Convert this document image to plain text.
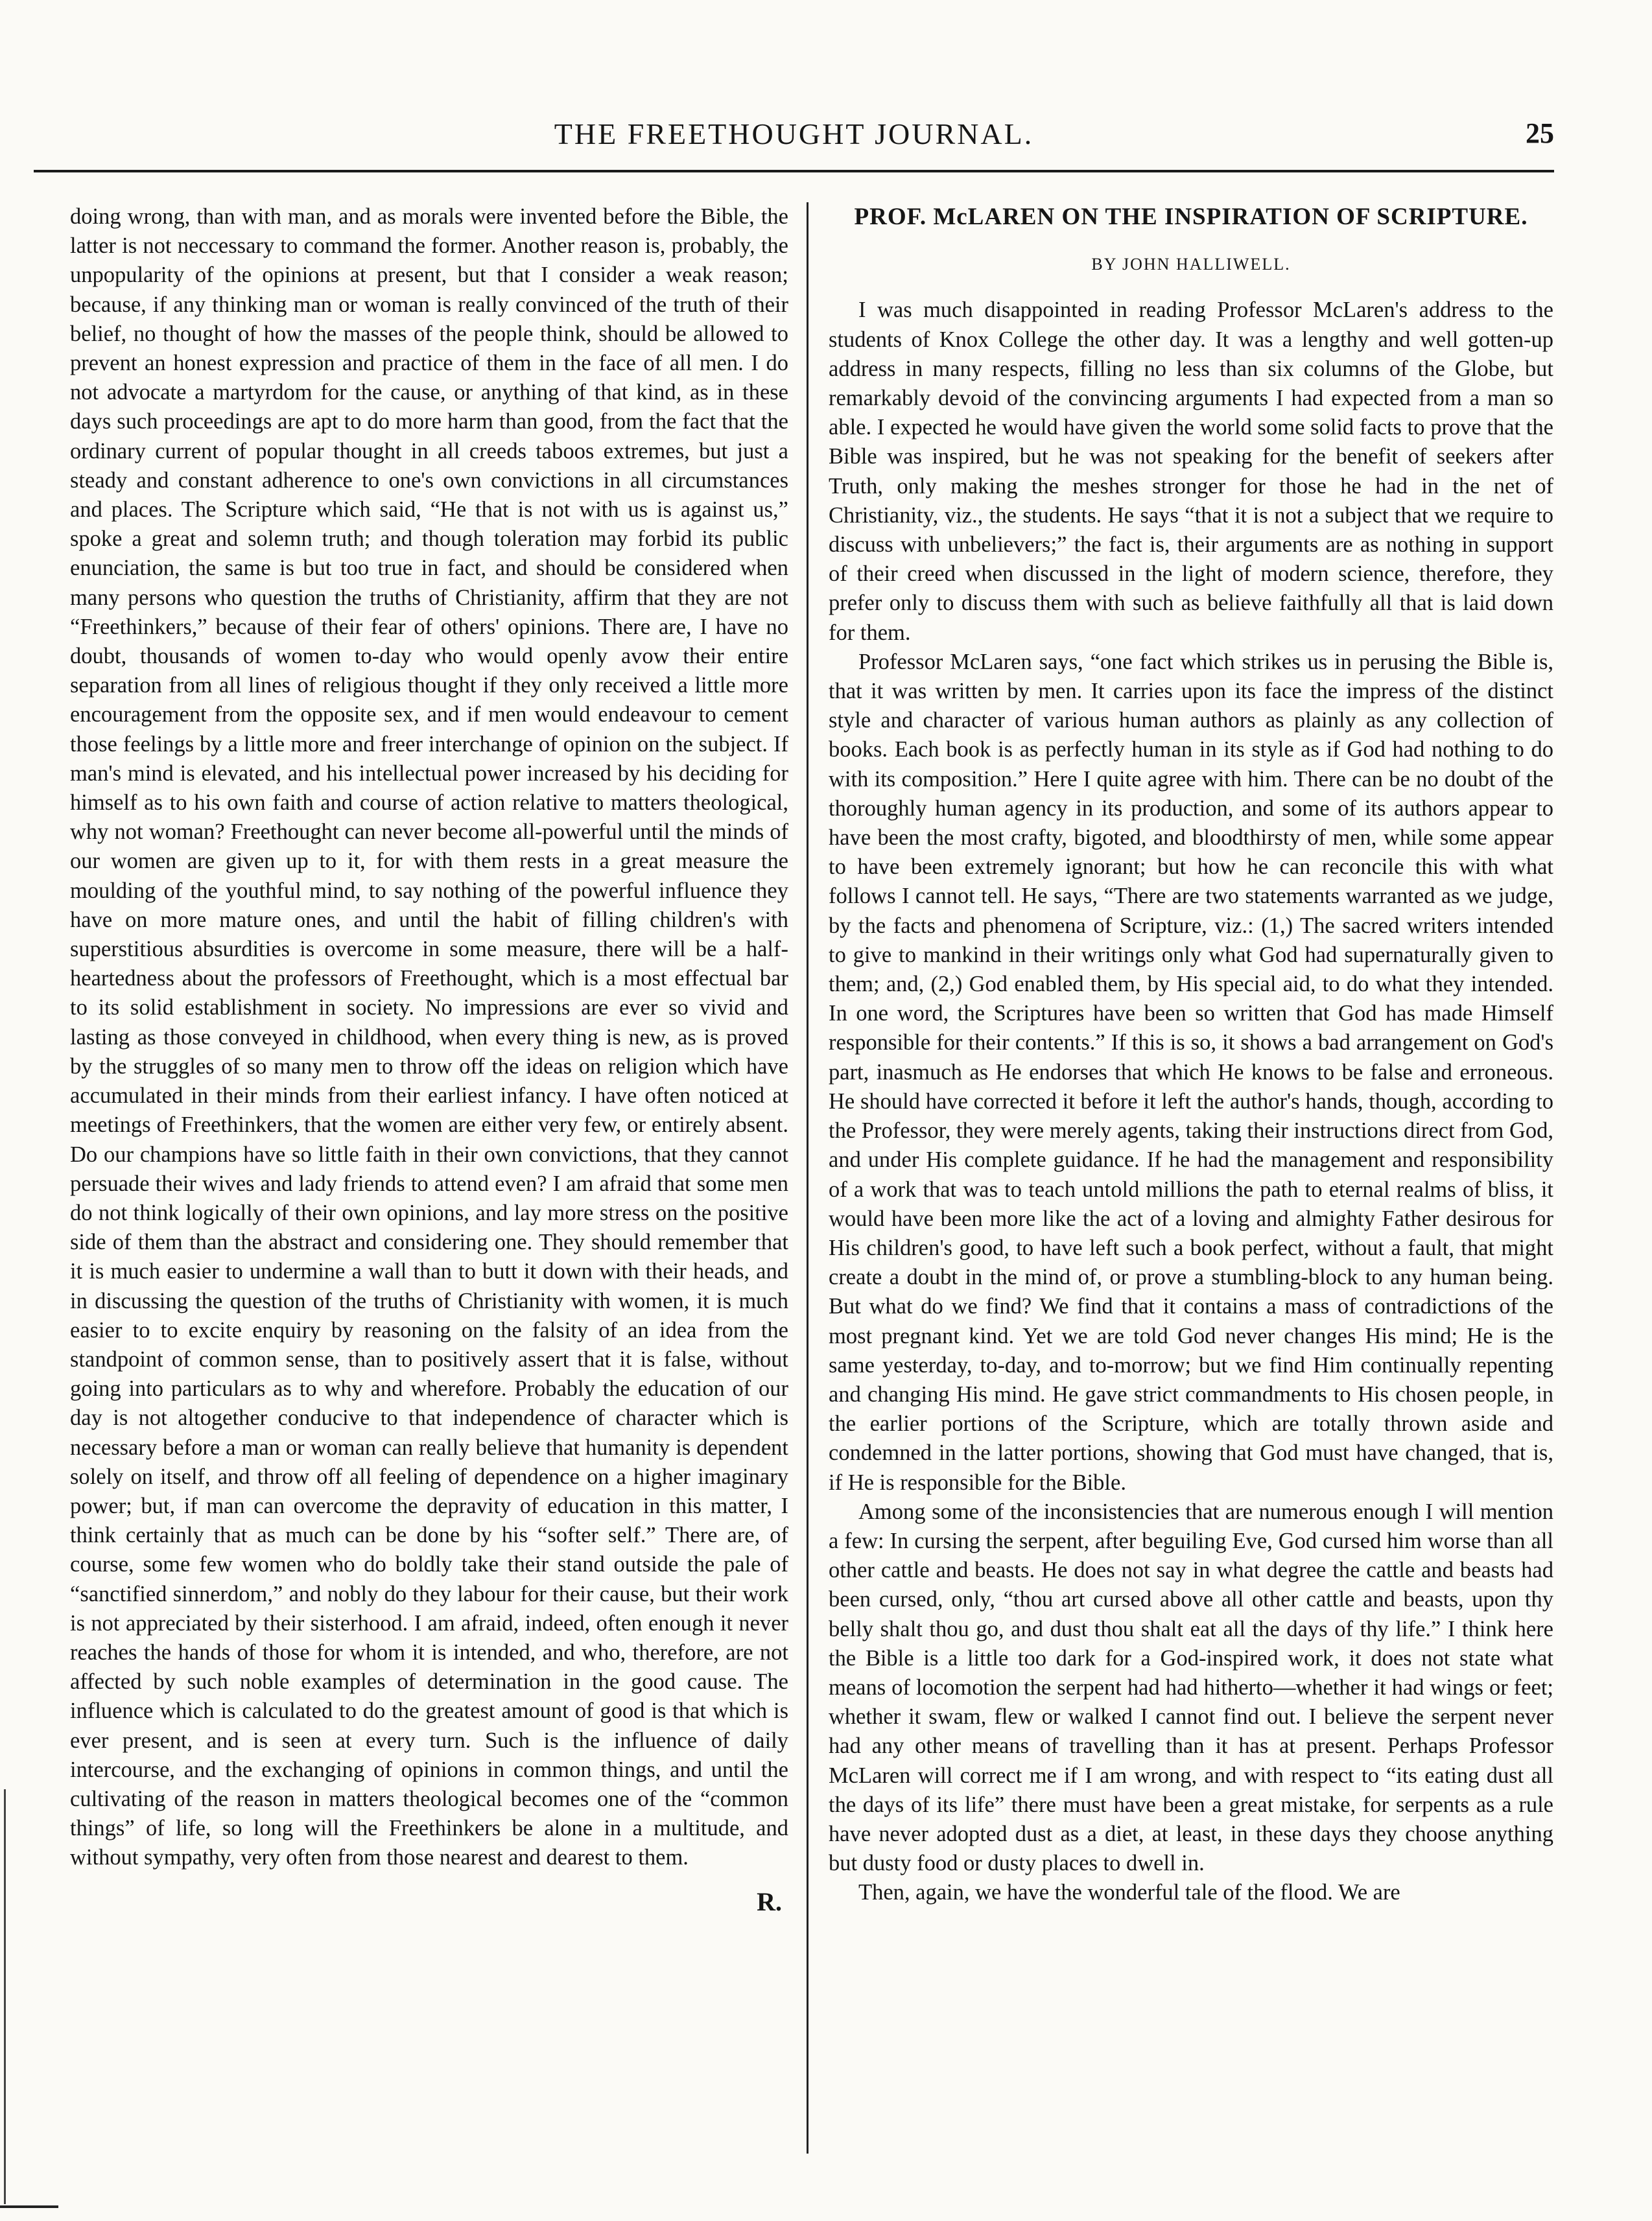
THE FREETHOUGHT JOURNAL.	25

doing wrong, than with man, and as morals were invented before the Bible, the latter is not neccessary to command the former. Another reason is, probably, the unpopularity of the opinions at present, but that I consider a weak reason; because, if any thinking man or woman is really convinced of the truth of their belief, no thought of how the masses of the people think, should be allowed to prevent an honest expression and practice of them in the face of all men. I do not advocate a martyrdom for the cause, or anything of that kind, as in these days such proceedings are apt to do more harm than good, from the fact that the ordinary current of popular thought in all creeds taboos extremes, but just a steady and constant adherence to one's own convictions in all circumstances and places. The Scripture which said, “He that is not with us is against us,” spoke a great and solemn truth; and though toleration may forbid its public enunciation, the same is but too true in fact, and should be considered when many persons who question the truths of Christianity, affirm that they are not “Freethinkers,” because of their fear of others' opinions. There are, I have no doubt, thousands of women to-day who would openly avow their entire separation from all lines of religious thought if they only received a little more encouragement from the opposite sex, and if men would endeavour to cement those feelings by a little more and freer interchange of opinion on the subject. If man's mind is elevated, and his intellectual power increased by his deciding for himself as to his own faith and course of action relative to matters theological, why not woman? Freethought can never become all-powerful until the minds of our women are given up to it, for with them rests in a great measure the moulding of the youthful mind, to say nothing of the powerful influence they have on more mature ones, and until the habit of filling children's with superstitious absurdities is overcome in some measure, there will be a half-heartedness about the professors of Freethought, which is a most effectual bar to its solid establishment in society. No impressions are ever so vivid and lasting as those conveyed in childhood, when every thing is new, as is proved by the struggles of so many men to throw off the ideas on religion which have accumulated in their minds from their earliest infancy. I have often noticed at meetings of Freethinkers, that the women are either very few, or entirely absent. Do our champions have so little faith in their own convictions, that they cannot persuade their wives and lady friends to attend even? I am afraid that some men do not think logically of their own opinions, and lay more stress on the positive side of them than the abstract and considering one. They should remember that it is much easier to undermine a wall than to butt it down with their heads, and in discussing the question of the truths of Christianity with women, it is much easier to to excite enquiry by reasoning on the falsity of an idea from the standpoint of common sense, than to positively assert that it is false, without going into particulars as to why and wherefore. Probably the education of our day is not altogether conducive to that independence of character which is necessary before a man or woman can really believe that humanity is dependent solely on itself, and throw off all feeling of dependence on a higher imaginary power; but, if man can overcome the depravity of education in this matter, I think certainly that as much can be done by his “softer self.” There are, of course, some few women who do boldly take their stand outside the pale of “sanctified sinnerdom,” and nobly do they labour for their cause, but their work is not appreciated by their sisterhood. I am afraid, indeed, often enough it never reaches the hands of those for whom it is intended, and who, therefore, are not affected by such noble examples of determination in the good cause. The influence which is calculated to do the greatest amount of good is that which is ever present, and is seen at every turn. Such is the influence of daily intercourse, and the exchanging of opinions in common things, and until the cultivating of the reason in matters theological becomes one of the “common things” of life, so long will the Freethinkers be alone in a multitude, and without sympathy, very often from those nearest and dearest to them.

R.
PROF. McLAREN ON THE INSPIRATION OF SCRIPTURE.
BY JOHN HALLIWELL.

I was much disappointed in reading Professor McLaren's address to the students of Knox College the other day. It was a lengthy and well gotten-up address in many respects, filling no less than six columns of the Globe, but remarkably devoid of the convincing arguments I had expected from a man so able. I expected he would have given the world some solid facts to prove that the Bible was inspired, but he was not speaking for the benefit of seekers after Truth, only making the meshes stronger for those he had in the net of Christianity, viz., the students. He says “that it is not a subject that we require to discuss with unbelievers;” the fact is, their arguments are as nothing in support of their creed when discussed in the light of modern science, therefore, they prefer only to discuss them with such as believe faithfully all that is laid down for them.

Professor McLaren says, “one fact which strikes us in perusing the Bible is, that it was written by men. It carries upon its face the impress of the distinct style and character of various human authors as plainly as any collection of books. Each book is as perfectly human in its style as if God had nothing to do with its composition.” Here I quite agree with him. There can be no doubt of the thoroughly human agency in its production, and some of its authors appear to have been the most crafty, bigoted, and bloodthirsty of men, while some appear to have been extremely ignorant; but how he can reconcile this with what follows I cannot tell. He says, “There are two statements warranted as we judge, by the facts and phenomena of Scripture, viz.: (1,) The sacred writers intended to give to mankind in their writings only what God had supernaturally given to them; and, (2,) God enabled them, by His special aid, to do what they intended. In one word, the Scriptures have been so written that God has made Himself responsible for their contents.” If this is so, it shows a bad arrangement on God's part, inasmuch as He endorses that which He knows to be false and erroneous. He should have corrected it before it left the author's hands, though, according to the Professor, they were merely agents, taking their instructions direct from God, and under His complete guidance. If he had the management and responsibility of a work that was to teach untold millions the path to eternal realms of bliss, it would have been more like the act of a loving and almighty Father desirous for His children's good, to have left such a book perfect, without a fault, that might create a doubt in the mind of, or prove a stumbling-block to any human being. But what do we find? We find that it contains a mass of contradictions of the most pregnant kind. Yet we are told God never changes His mind; He is the same yesterday, to-day, and to-morrow; but we find Him continually repenting and changing His mind. He gave strict commandments to His chosen people, in the earlier portions of the Scripture, which are totally thrown aside and condemned in the latter portions, showing that God must have changed, that is, if He is responsible for the Bible.

Among some of the inconsistencies that are numerous enough I will mention a few: In cursing the serpent, after beguiling Eve, God cursed him worse than all other cattle and beasts. He does not say in what degree the cattle and beasts had been cursed, only, “thou art cursed above all other cattle and beasts, upon thy belly shalt thou go, and dust thou shalt eat all the days of thy life.” I think here the Bible is a little too dark for a God-inspired work, it does not state what means of locomotion the serpent had had hitherto—whether it had wings or feet; whether it swam, flew or walked I cannot find out. I believe the serpent never had any other means of travelling than it has at present. Perhaps Professor McLaren will correct me if I am wrong, and with respect to “its eating dust all the days of its life” there must have been a great mistake, for serpents as a rule have never adopted dust as a diet, at least, in these days they choose anything but dusty food or dusty places to dwell in.

Then, again, we have the wonderful tale of the flood. We are
